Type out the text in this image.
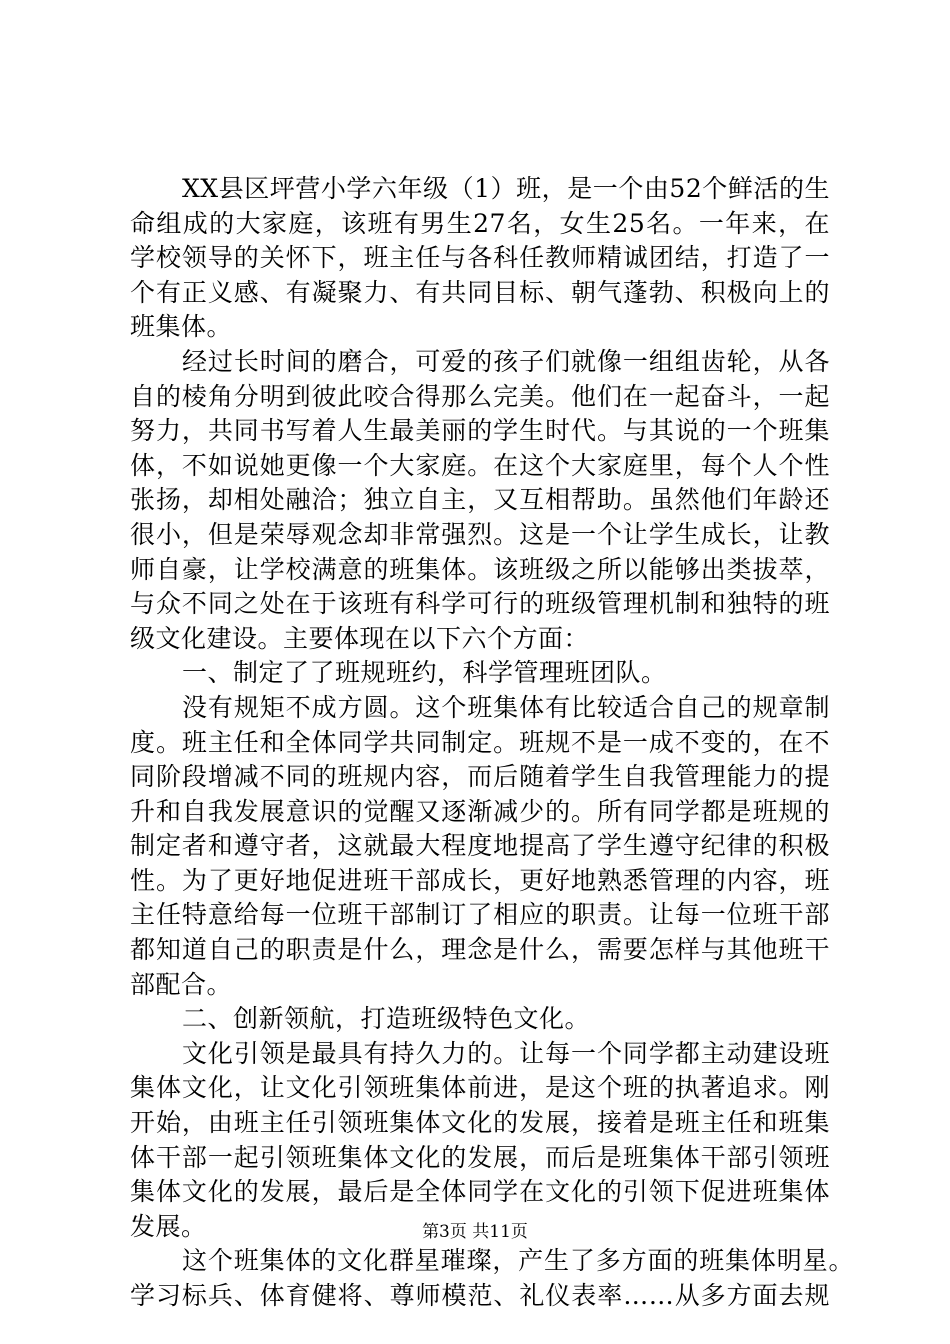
XX县区坪营小学六年级（1）班，是一个由52个鲜活的生
命组成的大家庭，该班有男生27名，女生25名。一年来，在
学校领导的关怀下，班主任与各科任教师精诚团结，打造了一
个有正义感、有凝聚力、有共同目标、朝气蓬勃、积极向上的
班集体。
经过长时间的磨合，可爱的孩子们就像一组组齿轮，从各
自的棱角分明到彼此咬合得那么完美。他们在一起奋斗，一起
努力，共同书写着人生最美丽的学生时代。与其说的一个班集
体，不如说她更像一个大家庭。在这个大家庭里，每个人个性
张扬，却相处融洽；独立自主，又互相帮助。虽然他们年龄还
很小，但是荣辱观念却非常强烈。这是一个让学生成长，让教
师自豪，让学校满意的班集体。该班级之所以能够出类拔萃，
与众不同之处在于该班有科学可行的班级管理机制和独特的班
级文化建设。主要体现在以下六个方面：
一、制定了了班规班约，科学管理班团队。
没有规矩不成方圆。这个班集体有比较适合自己的规章制
度。班主任和全体同学共同制定。班规不是一成不变的，在不
同阶段增减不同的班规内容，而后随着学生自我管理能力的提
升和自我发展意识的觉醒又逐渐减少的。所有同学都是班规的
制定者和遵守者，这就最大程度地提高了学生遵守纪律的积极
性。为了更好地促进班干部成长，更好地熟悉管理的内容，班
主任特意给每一位班干部制订了相应的职责。让每一位班干部
都知道自己的职责是什么，理念是什么，需要怎样与其他班干
部配合。
二、创新领航，打造班级特色文化。
文化引领是最具有持久力的。让每一个同学都主动建设班
集体文化，让文化引领班集体前进，是这个班的执著追求。刚
开始，由班主任引领班集体文化的发展，接着是班主任和班集
体干部一起引领班集体文化的发展，而后是班集体干部引领班
集体文化的发展，最后是全体同学在文化的引领下促进班集体
发展。
这个班集体的文化群星璀璨，产生了多方面的班集体明星。
学习标兵、体育健将、尊师模范、礼仪表率……从多方面去规
第3页 共11页
